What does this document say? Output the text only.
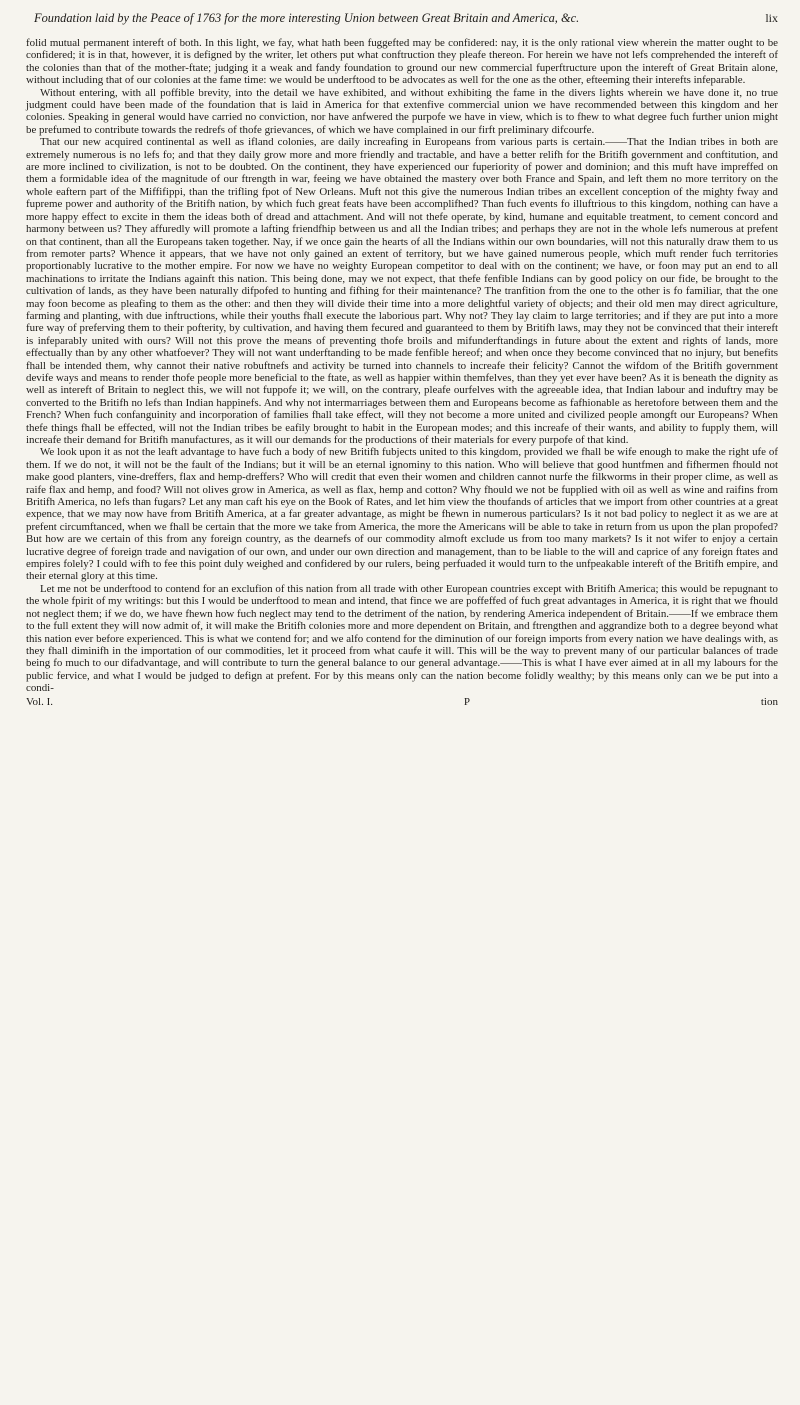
Foundation laid by the Peace of 1763 for the more interesting Union between Great Britain and America, &c.	lix

folid mutual permanent intereft of both. In this light, we fay, what hath been fuggefted may be confidered: nay, it is the only rational view wherein the matter ought to be confidered; it is in that, however, it is defigned by the writer, let others put what conftruction they pleafe thereon. For herein we have not lefs comprehended the intereft of the colonies than that of the mother-ftate; judging it a weak and fandy foundation to ground our new commercial fuperftructure upon the intereft of Great Britain alone, without including that of our colonies at the fame time: we would be underftood to be advocates as well for the one as the other, efteeming their interefts infeparable.

Without entering, with all poffible brevity, into the detail we have exhibited, and without exhibiting the fame in the divers lights wherein we have done it, no true judgment could have been made of the foundation that is laid in America for that extenfive commercial union we have recommended between this kingdom and her colonies. Speaking in general would have carried no conviction, nor have anfwered the purpofe we have in view, which is to fhew to what degree fuch further union might be prefumed to contribute towards the redrefs of thofe grievances, of which we have complained in our firft preliminary difcourfe.

That our new acquired continental as well as ifland colonies, are daily increafing in Europeans from various parts is certain.——That the Indian tribes in both are extremely numerous is no lefs fo; and that they daily grow more and more friendly and tractable, and have a better relifh for the Britifh government and conftitution, and are more inclined to civilization, is not to be doubted. On the continent, they have experienced our fuperiority of power and dominion; and this muft have impreffed on them a formidable idea of the magnitude of our ftrength in war, feeing we have obtained the mastery over both France and Spain, and left them no more territory on the whole eaftern part of the Miffifippi, than the trifling fpot of New Orleans. Muft not this give the numerous Indian tribes an excellent conception of the mighty fway and fupreme power and authority of the Britifh nation, by which fuch great feats have been accomplifhed? Than fuch events fo illuftrious to this kingdom, nothing can have a more happy effect to excite in them the ideas both of dread and attachment. And will not thefe operate, by kind, humane and equitable treatment, to cement concord and harmony between us? They affuredly will promote a lafting friendfhip between us and all the Indian tribes; and perhaps they are not in the whole lefs numerous at prefent on that continent, than all the Europeans taken together. Nay, if we once gain the hearts of all the Indians within our own boundaries, will not this naturally draw them to us from remoter parts? Whence it appears, that we have not only gained an extent of territory, but we have gained numerous people, which muft render fuch territories proportionably lucrative to the mother empire. For now we have no weighty European competitor to deal with on the continent; we have, or foon may put an end to all machinations to irritate the Indians againft this nation. This being done, may we not expect, that thefe fenfible Indians can by good policy on our fide, be brought to the cultivation of lands, as they have been naturally difpofed to hunting and fifhing for their maintenance? The tranfition from the one to the other is fo familiar, that the one may foon become as pleafing to them as the other: and then they will divide their time into a more delightful variety of objects; and their old men may direct agriculture, farming and planting, with due inftructions, while their youths fhall execute the laborious part. Why not? They lay claim to large territories; and if they are put into a more fure way of preferving them to their pofterity, by cultivation, and having them fecured and guaranteed to them by Britifh laws, may they not be convinced that their intereft is infeparably united with ours? Will not this prove the means of preventing thofe broils and mifunderftandings in future about the extent and rights of lands, more effectually than by any other whatfoever? They will not want underftanding to be made fenfible hereof; and when once they become convinced that no injury, but benefits fhall be intended them, why cannot their native robuftnefs and activity be turned into channels to increafe their felicity? Cannot the wifdom of the Britifh government devife ways and means to render thofe people more beneficial to the ftate, as well as happier within themfelves, than they yet ever have been? As it is beneath the dignity as well as intereft of Britain to neglect this, we will not fuppofe it; we will, on the contrary, pleafe ourfelves with the agreeable idea, that Indian labour and induftry may be converted to the Britifh no lefs than Indian happinefs. And why not intermarriages between them and Europeans become as fafhionable as heretofore between them and the French? When fuch confanguinity and incorporation of families fhall take effect, will they not become a more united and civilized people amongft our Europeans? When thefe things fhall be effected, will not the Indian tribes be eafily brought to habit in the European modes; and this increafe of their wants, and ability to fupply them, will increafe their demand for Britifh manufactures, as it will our demands for the productions of their materials for every purpofe of that kind.

We look upon it as not the leaft advantage to have fuch a body of new Britifh fubjects united to this kingdom, provided we fhall be wife enough to make the right ufe of them. If we do not, it will not be the fault of the Indians; but it will be an eternal ignominy to this nation. Who will believe that good huntfmen and fifhermen fhould not make good planters, vine-dreffers, flax and hemp-dreffers? Who will credit that even their women and children cannot nurfe the filkworms in their proper clime, as well as raife flax and hemp, and food? Will not olives grow in America, as well as flax, hemp and cotton? Why fhould we not be fupplied with oil as well as wine and raifins from Britifh America, no lefs than fugars? Let any man caft his eye on the Book of Rates, and let him view the thoufands of articles that we import from other countries at a great expence, that we may now have from Britifh America, at a far greater advantage, as might be fhewn in numerous particulars? Is it not bad policy to neglect it as we are at prefent circumftanced, when we fhall be certain that the more we take from America, the more the Americans will be able to take in return from us upon the plan propofed? But how are we certain of this from any foreign country, as the dearnefs of our commodity almoft exclude us from too many markets? Is it not wifer to enjoy a certain lucrative degree of foreign trade and navigation of our own, and under our own direction and management, than to be liable to the will and caprice of any foreign ftates and empires folely? I could wifh to fee this point duly weighed and confidered by our rulers, being perfuaded it would turn to the unfpeakable intereft of the Britifh empire, and their eternal glory at this time.

Let me not be underftood to contend for an exclufion of this nation from all trade with other European countries except with Britifh America; this would be repugnant to the whole fpirit of my writings: but this I would be underftood to mean and intend, that fince we are poffeffed of fuch great advantages in America, it is right that we fhould not neglect them; if we do, we have fhewn how fuch neglect may tend to the detriment of the nation, by rendering America independent of Britain.——If we embrace them to the full extent they will now admit of, it will make the Britifh colonies more and more dependent on Britain, and ftrengthen and aggrandize both to a degree beyond what this nation ever before experienced. This is what we contend for; and we alfo contend for the diminution of our foreign imports from every nation we have dealings with, as they fhall diminifh in the importation of our commodities, let it proceed from what caufe it will. This will be the way to prevent many of our particular balances of trade being fo much to our difadvantage, and will contribute to turn the general balance to our general advantage.——This is what I have ever aimed at in all my labours for the public fervice, and what I would be judged to defign at prefent. For by this means only can the nation become folidly wealthy; by this means only can we be put into a condi-

Vol. I.	P	tion
